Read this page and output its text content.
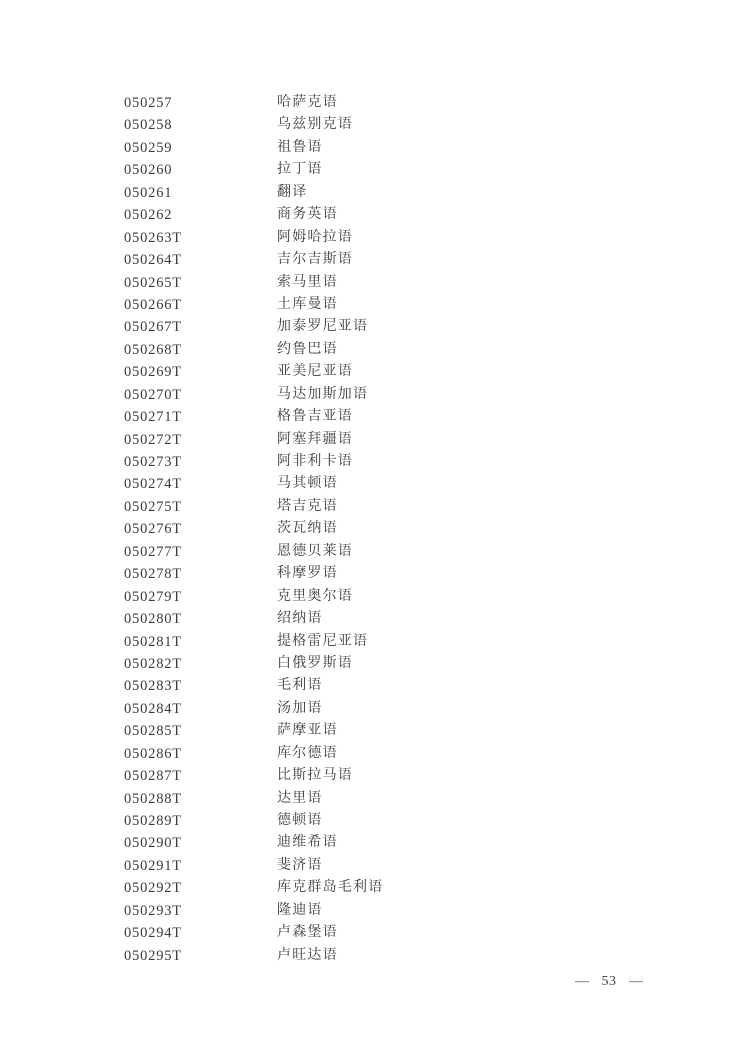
050257	哈萨克语
050258	乌兹别克语
050259	祖鲁语
050260	拉丁语
050261	翻译
050262	商务英语
050263T	阿姆哈拉语
050264T	吉尔吉斯语
050265T	索马里语
050266T	土库曼语
050267T	加泰罗尼亚语
050268T	约鲁巴语
050269T	亚美尼亚语
050270T	马达加斯加语
050271T	格鲁吉亚语
050272T	阿塞拜疆语
050273T	阿非利卡语
050274T	马其顿语
050275T	塔吉克语
050276T	茨瓦纳语
050277T	恩德贝莱语
050278T	科摩罗语
050279T	克里奥尔语
050280T	绍纳语
050281T	提格雷尼亚语
050282T	白俄罗斯语
050283T	毛利语
050284T	汤加语
050285T	萨摩亚语
050286T	库尔德语
050287T	比斯拉马语
050288T	达里语
050289T	德顿语
050290T	迪维希语
050291T	斐济语
050292T	库克群岛毛利语
050293T	隆迪语
050294T	卢森堡语
050295T	卢旺达语
— 53 —
